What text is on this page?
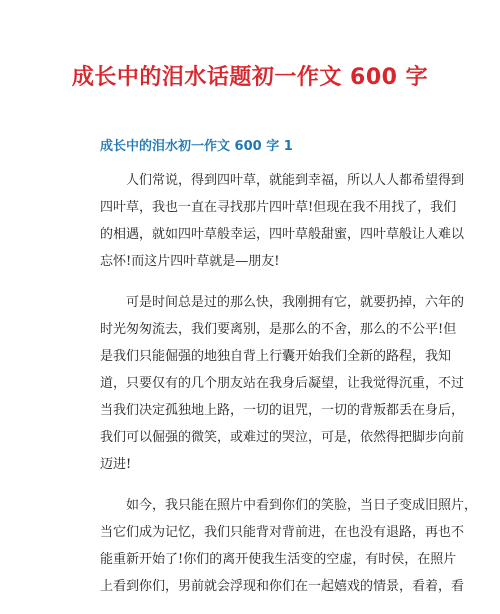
成长中的泪水话题初一作文 600 字
成长中的泪水初一作文 600 字 1
人们常说，得到四叶草，就能到幸福，所以人人都希望得到
四叶草，我也一直在寻找那片四叶草!但现在我不用找了，我们
的相遇，就如四叶草般幸运，四叶草般甜蜜，四叶草般让人难以
忘怀!而这片四叶草就是—朋友!
可是时间总是过的那么快，我刚拥有它，就要扔掉，六年的
时光匆匆流去，我们要离别，是那么的不舍，那么的不公平!但
是我们只能倔强的地独自背上行囊开始我们全新的路程，我知
道，只要仅有的几个朋友站在我身后凝望，让我觉得沉重，不过
当我们决定孤独地上路，一切的诅咒，一切的背叛都丢在身后，
我们可以倔强的微笑，或难过的哭泣，可是，依然得把脚步向前
迈进!
如今，我只能在照片中看到你们的笑脸，当日子变成旧照片，
当它们成为记忆，我们只能背对背前进，在也没有退路，再也不
能重新开始了!你们的离开使我生活变的空虚，有时侯，在照片
上看到你们，男前就会浮现和你们在一起嬉戏的情景，看着，看
